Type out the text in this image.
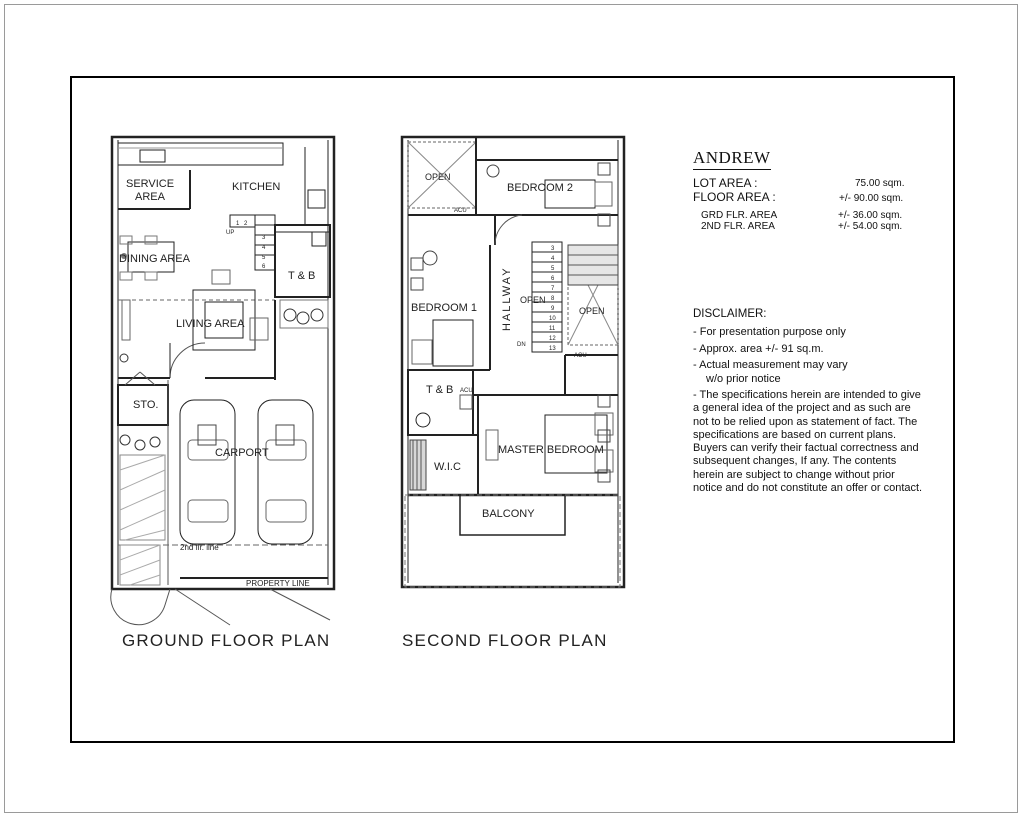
SERVICE
AREA
KITCHEN
DINING AREA
T & B
LIVING AREA
STO.
CARPORT
2nd flr. line
PROPERTY LINE
UP
OPEN
BEDROOM 2
BEDROOM 1 HALLWAY OPEN
OPEN
T & B
MASTER BEDROOM
W.I.C
BALCONY
ACU
ACU
ACU
DN
1 2
3
4
5
6
3
4
5
6
7
8
9
10
11
12
13
GROUND FLOOR PLAN	SECOND FLOOR PLAN
ANDREW
LOT AREA :	75.00 sqm.
FLOOR AREA :	+/- 90.00 sqm.
GRD FLR. AREA	+/- 36.00 sqm.
2ND FLR. AREA	+/- 54.00 sqm.
DISCLAIMER:
- For presentation purpose only
- Approx. area +/- 91 sq.m.
- Actual measurement may vary
w/o prior notice
- The specifications herein are intended to give a general idea of the project and as such are not to be relied upon as statement of fact. The specifications are based on current plans. Buyers can verify their factual correctness and subsequent changes, If any. The contents herein are subject to change without prior notice and do not constitute an offer or contact.
